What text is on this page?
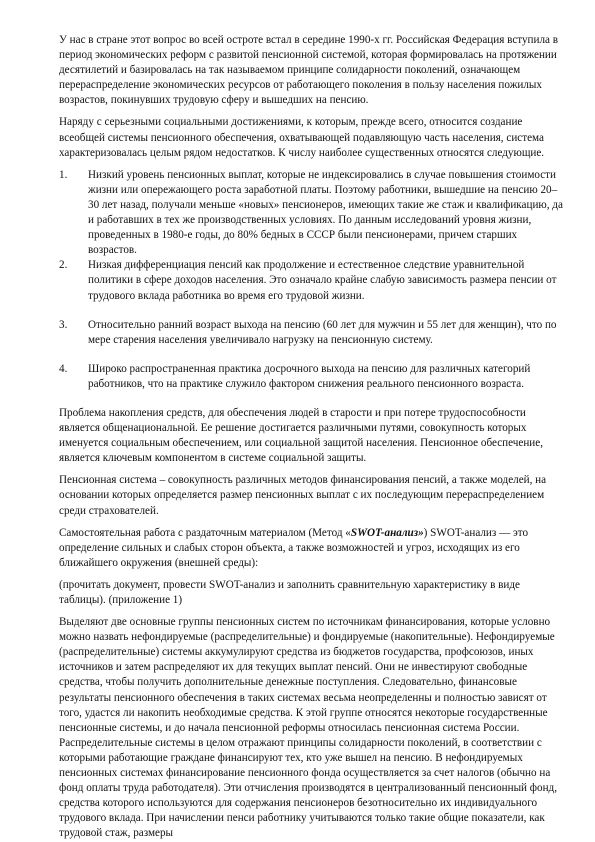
У нас в стране этот вопрос во всей остроте встал в середине 1990-х гг. Российская Федерация вступила в период экономических реформ с развитой пенсионной системой, которая формировалась на протяжении десятилетий и базировалась на так называемом принципе солидарности поколений, означающем перераспределение экономических ресурсов от работающего поколения в пользу населения пожилых возрастов, покинувших трудовую сферу и вышедших на пенсию.

Наряду с серьезными социальными достижениями, к которым, прежде всего, относится создание всеобщей системы пенсионного обеспечения, охватывающей подавляющую часть населения, система характеризовалась целым рядом недостатков. К числу наиболее существенных относятся следующие.

1. Низкий уровень пенсионных выплат, которые не индексировались в случае повышения стоимости жизни или опережающего роста заработной платы. Поэтому работники, вышедшие на пенсию 20–30 лет назад, получали меньше «новых» пенсионеров, имеющих такие же стаж и квалификацию, да и работавших в тех же производственных условиях. По данным исследований уровня жизни, проведенных в 1980-е годы, до 80% бедных в СССР были пенсионерами, причем старших возрастов.
2. Низкая дифференциация пенсий как продолжение и естественное следствие уравнительной политики в сфере доходов населения. Это означало крайне слабую зависимость размера пенсии от трудового вклада работника во время его трудовой жизни.
3. Относительно ранний возраст выхода на пенсию (60 лет для мужчин и 55 лет для женщин), что по мере старения населения увеличивало нагрузку на пенсионную систему.
4. Широко распространенная практика досрочного выхода на пенсию для различных категорий работников, что на практике служило фактором снижения реального пенсионного возраста.

Проблема накопления средств, для обеспечения людей в старости и при потере трудоспособности является общенациональной. Ее решение достигается различными путями, совокупность которых именуется социальным обеспечением, или социальной защитой населения. Пенсионное обеспечение, является ключевым компонентом в системе социальной защиты.

Пенсионная система – совокупность различных методов финансирования пенсий, а также моделей, на основании которых определяется размер пенсионных выплат с их последующим перераспределением среди страхователей.

Самостоятельная работа с раздаточным материалом (Метод «SWOT-анализ») SWOT-анализ — это определение сильных и слабых сторон объекта, а также возможностей и угроз, исходящих из его ближайшего окружения (внешней среды):

(прочитать документ, провести SWOT-анализ и заполнить сравнительную характеристику в виде таблицы). (приложение 1)

Выделяют две основные группы пенсионных систем по источникам финансирования, которые условно можно назвать нефондируемые (распределительные) и фондируемые (накопительные). Нефондируемые (распределительные) системы аккумулируют средства из бюджетов государства, профсоюзов, иных источников и затем распределяют их для текущих выплат пенсий. Они не инвестируют свободные средства, чтобы получить дополнительные денежные поступления. Следовательно, финансовые результаты пенсионного обеспечения в таких системах весьма неопределенны и полностью зависят от того, удастся ли накопить необходимые средства. К этой группе относятся некоторые государственные пенсионные системы, и до начала пенсионной реформы относилась пенсионная система России. Распределительные системы в целом отражают принципы солидарности поколений, в соответствии с которыми работающие граждане финансируют тех, кто уже вышел на пенсию. В нефондируемых пенсионных системах финансирование пенсионного фонда осуществляется за счет налогов (обычно на фонд оплаты труда работодателя). Эти отчисления производятся в централизованный пенсионный фонд, средства которого используются для содержания пенсионеров безотносительно их индивидуального трудового вклада. При начислении пенси работнику учитываются только такие общие показатели, как трудовой стаж, размеры
